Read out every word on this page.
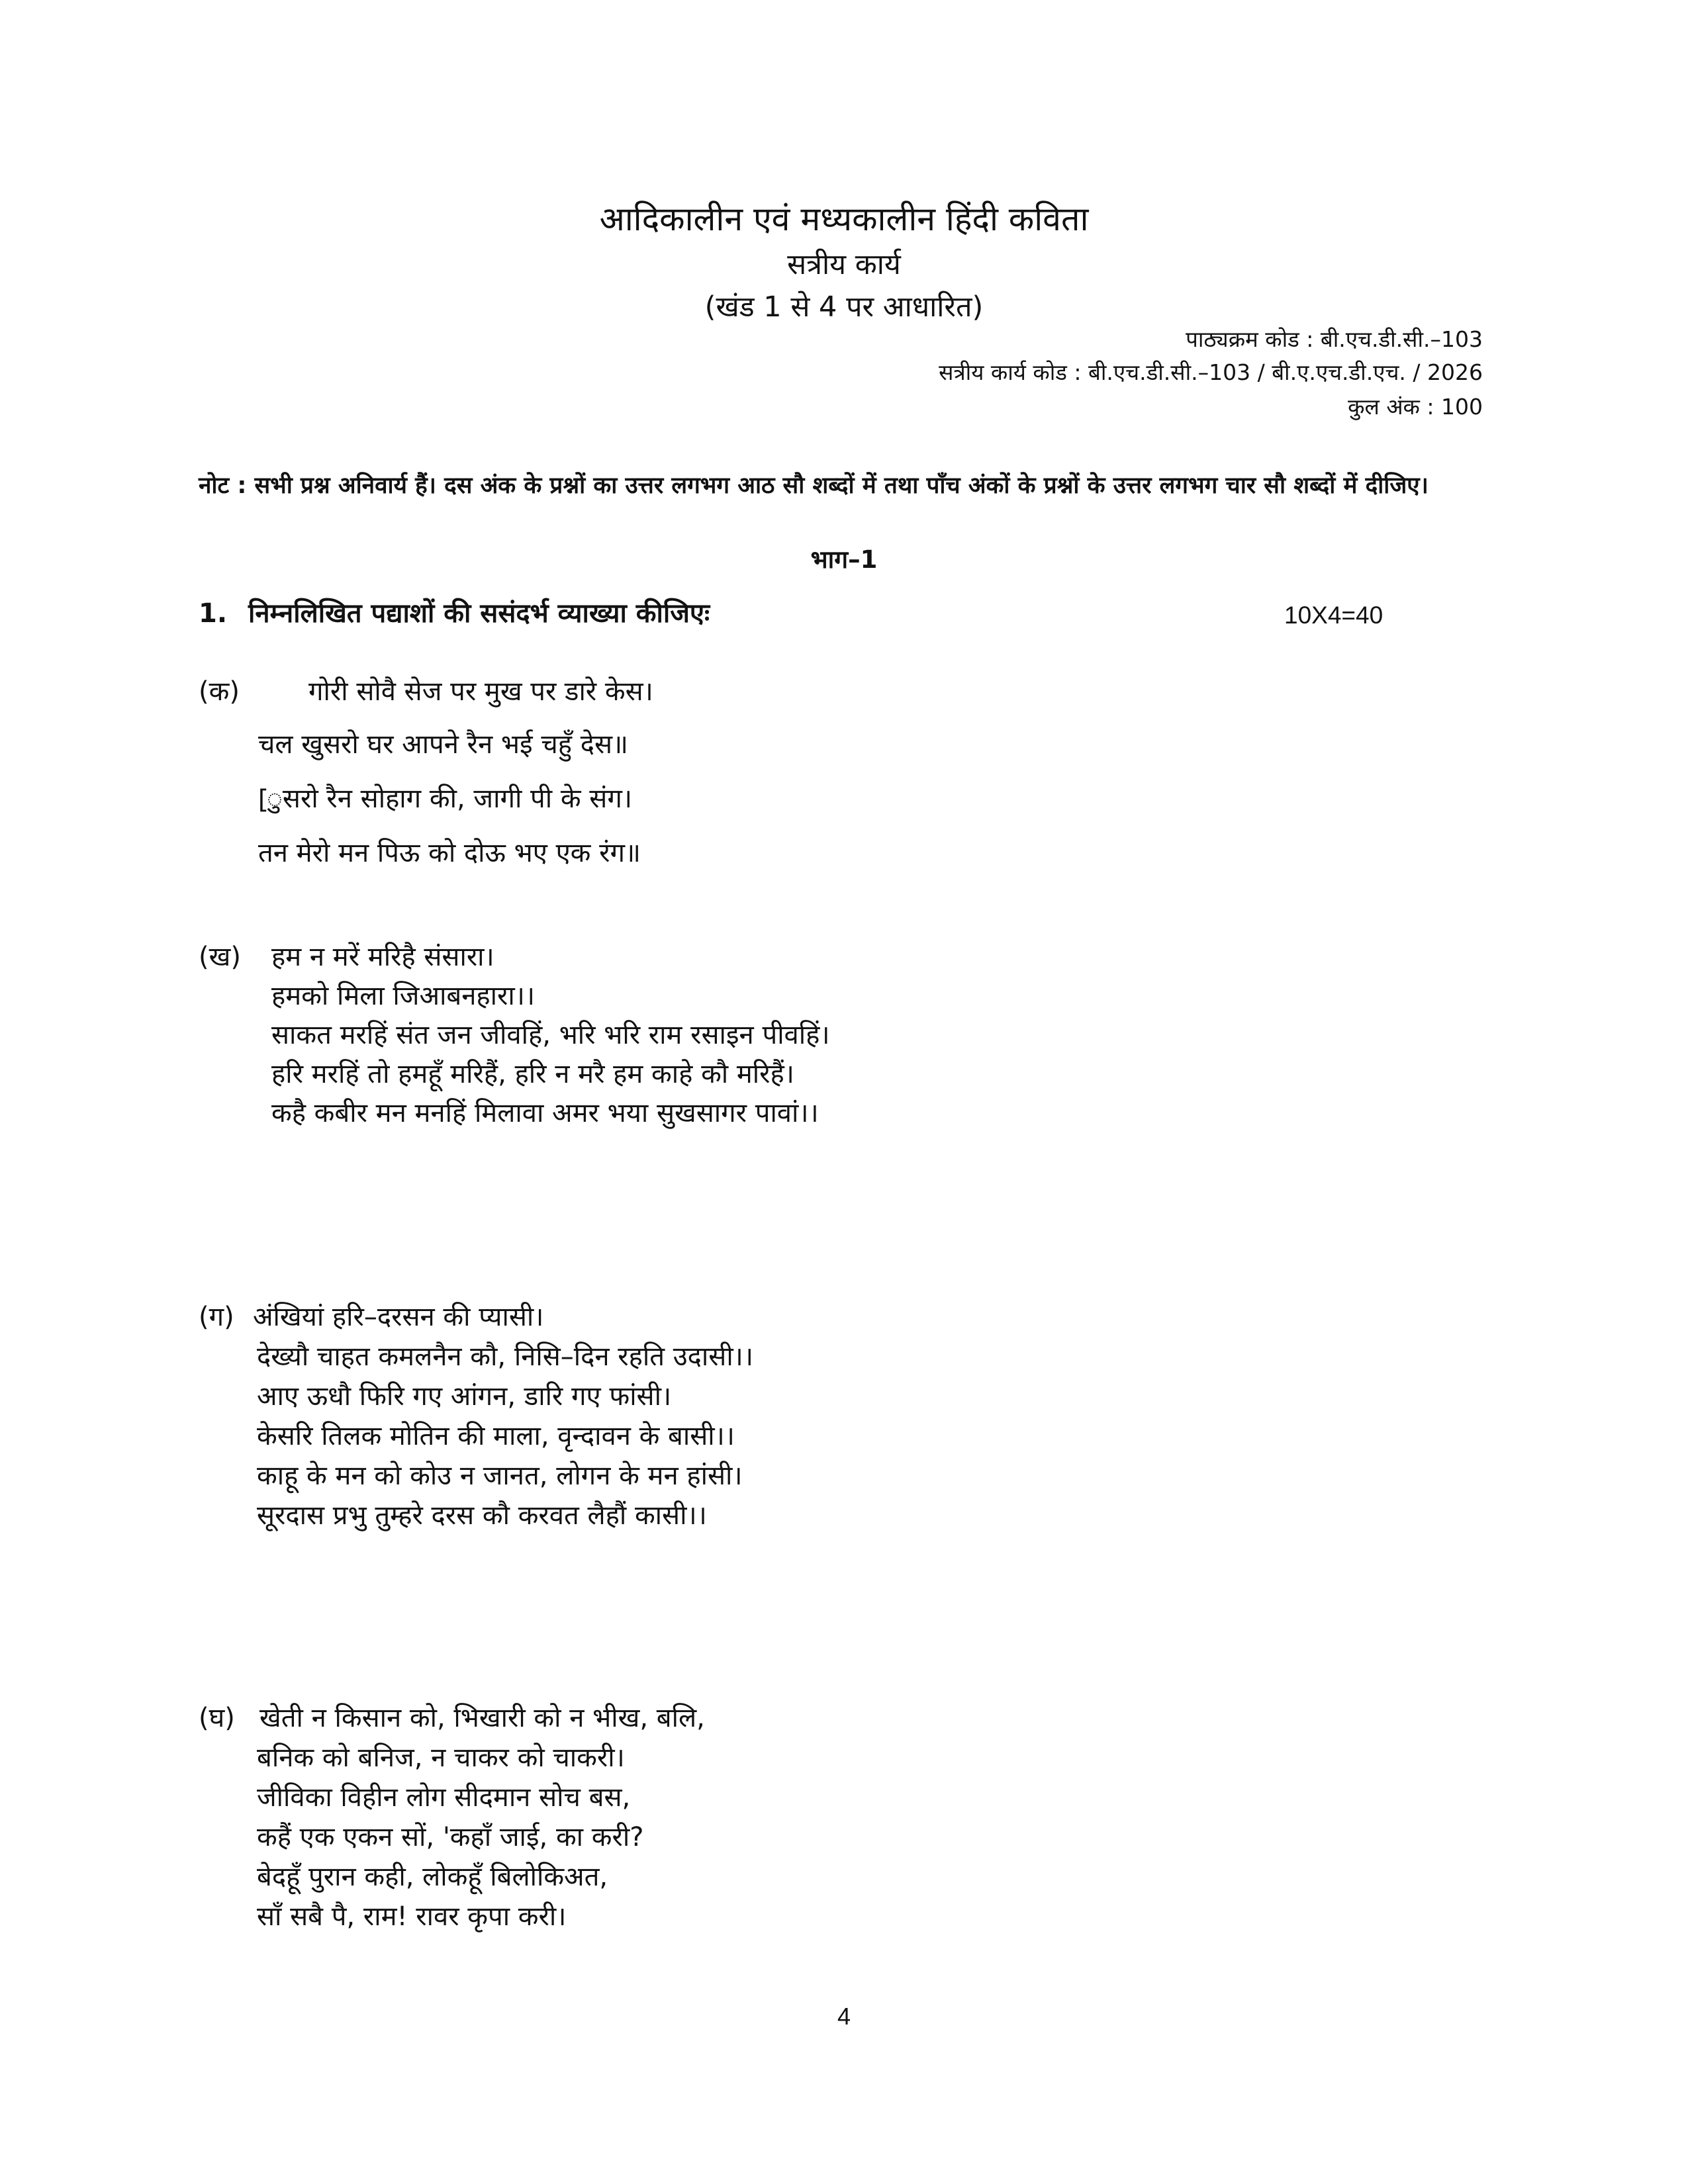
आदिकालीन एवं मध्यकालीन हिंदी कविता
सत्रीय कार्य
(खंड 1 से 4 पर आधारित)
पाठ्यक्रम कोड : बी.एच.डी.सी.–103
सत्रीय कार्य कोड : बी.एच.डी.सी.–103 / बी.ए.एच.डी.एच. / 2026
कुल अंक : 100
नोट : सभी प्रश्न अनिवार्य हैं। दस अंक के प्रश्नों का उत्तर लगभग आठ सौ शब्दों में तथा पाँच अंकों के प्रश्नों के उत्तर लगभग चार सौ शब्दों में दीजिए।
भाग–1
1. निम्नलिखित पद्याशों की ससंदर्भ व्याख्या कीजिएः	10X4=40
(क)	गोरी सोवै सेज पर मुख पर डारे केस।
चल खुसरो घर आपने रैन भई चहुँ देस॥
[ुसरो रैन सोहाग की, जागी पी के संग।
तन मेरो मन पिऊ को दोऊ भए एक रंग॥
(ख) हम न मरें मरिहै संसारा।
हमको मिला जिआबनहारा।।
साकत मरहिं संत जन जीवहिं, भरि भरि राम रसाइन पीवहिं।
हरि मरहिं तो हमहूँ मरिहैं, हरि न मरै हम काहे कौ मरिहैं।
कहै कबीर मन मनहिं मिलावा अमर भया सुखसागर पावां।।
(ग) अंखियां हरि–दरसन की प्यासी।
देख्यौ चाहत कमलनैन कौ, निसि–दिन रहति उदासी।।
आए ऊधौ फिरि गए आंगन, डारि गए फांसी।
केसरि तिलक मोतिन की माला, वृन्दावन के बासी।।
काहू के मन को कोउ न जानत, लोगन के मन हांसी।
सूरदास प्रभु तुम्हरे दरस कौ करवत लैहौं कासी।।
(घ) खेती न किसान को, भिखारी को न भीख, बलि,
बनिक को बनिज, न चाकर को चाकरी।
जीविका विहीन लोग सीदमान सोच बस,
कहैं एक एकन सों, 'कहाँ जाई, का करी?
बेदहूँ पुरान कही, लोकहूँ बिलोकिअत,
साँ सबै पै, राम! रावर कृपा करी।
4
